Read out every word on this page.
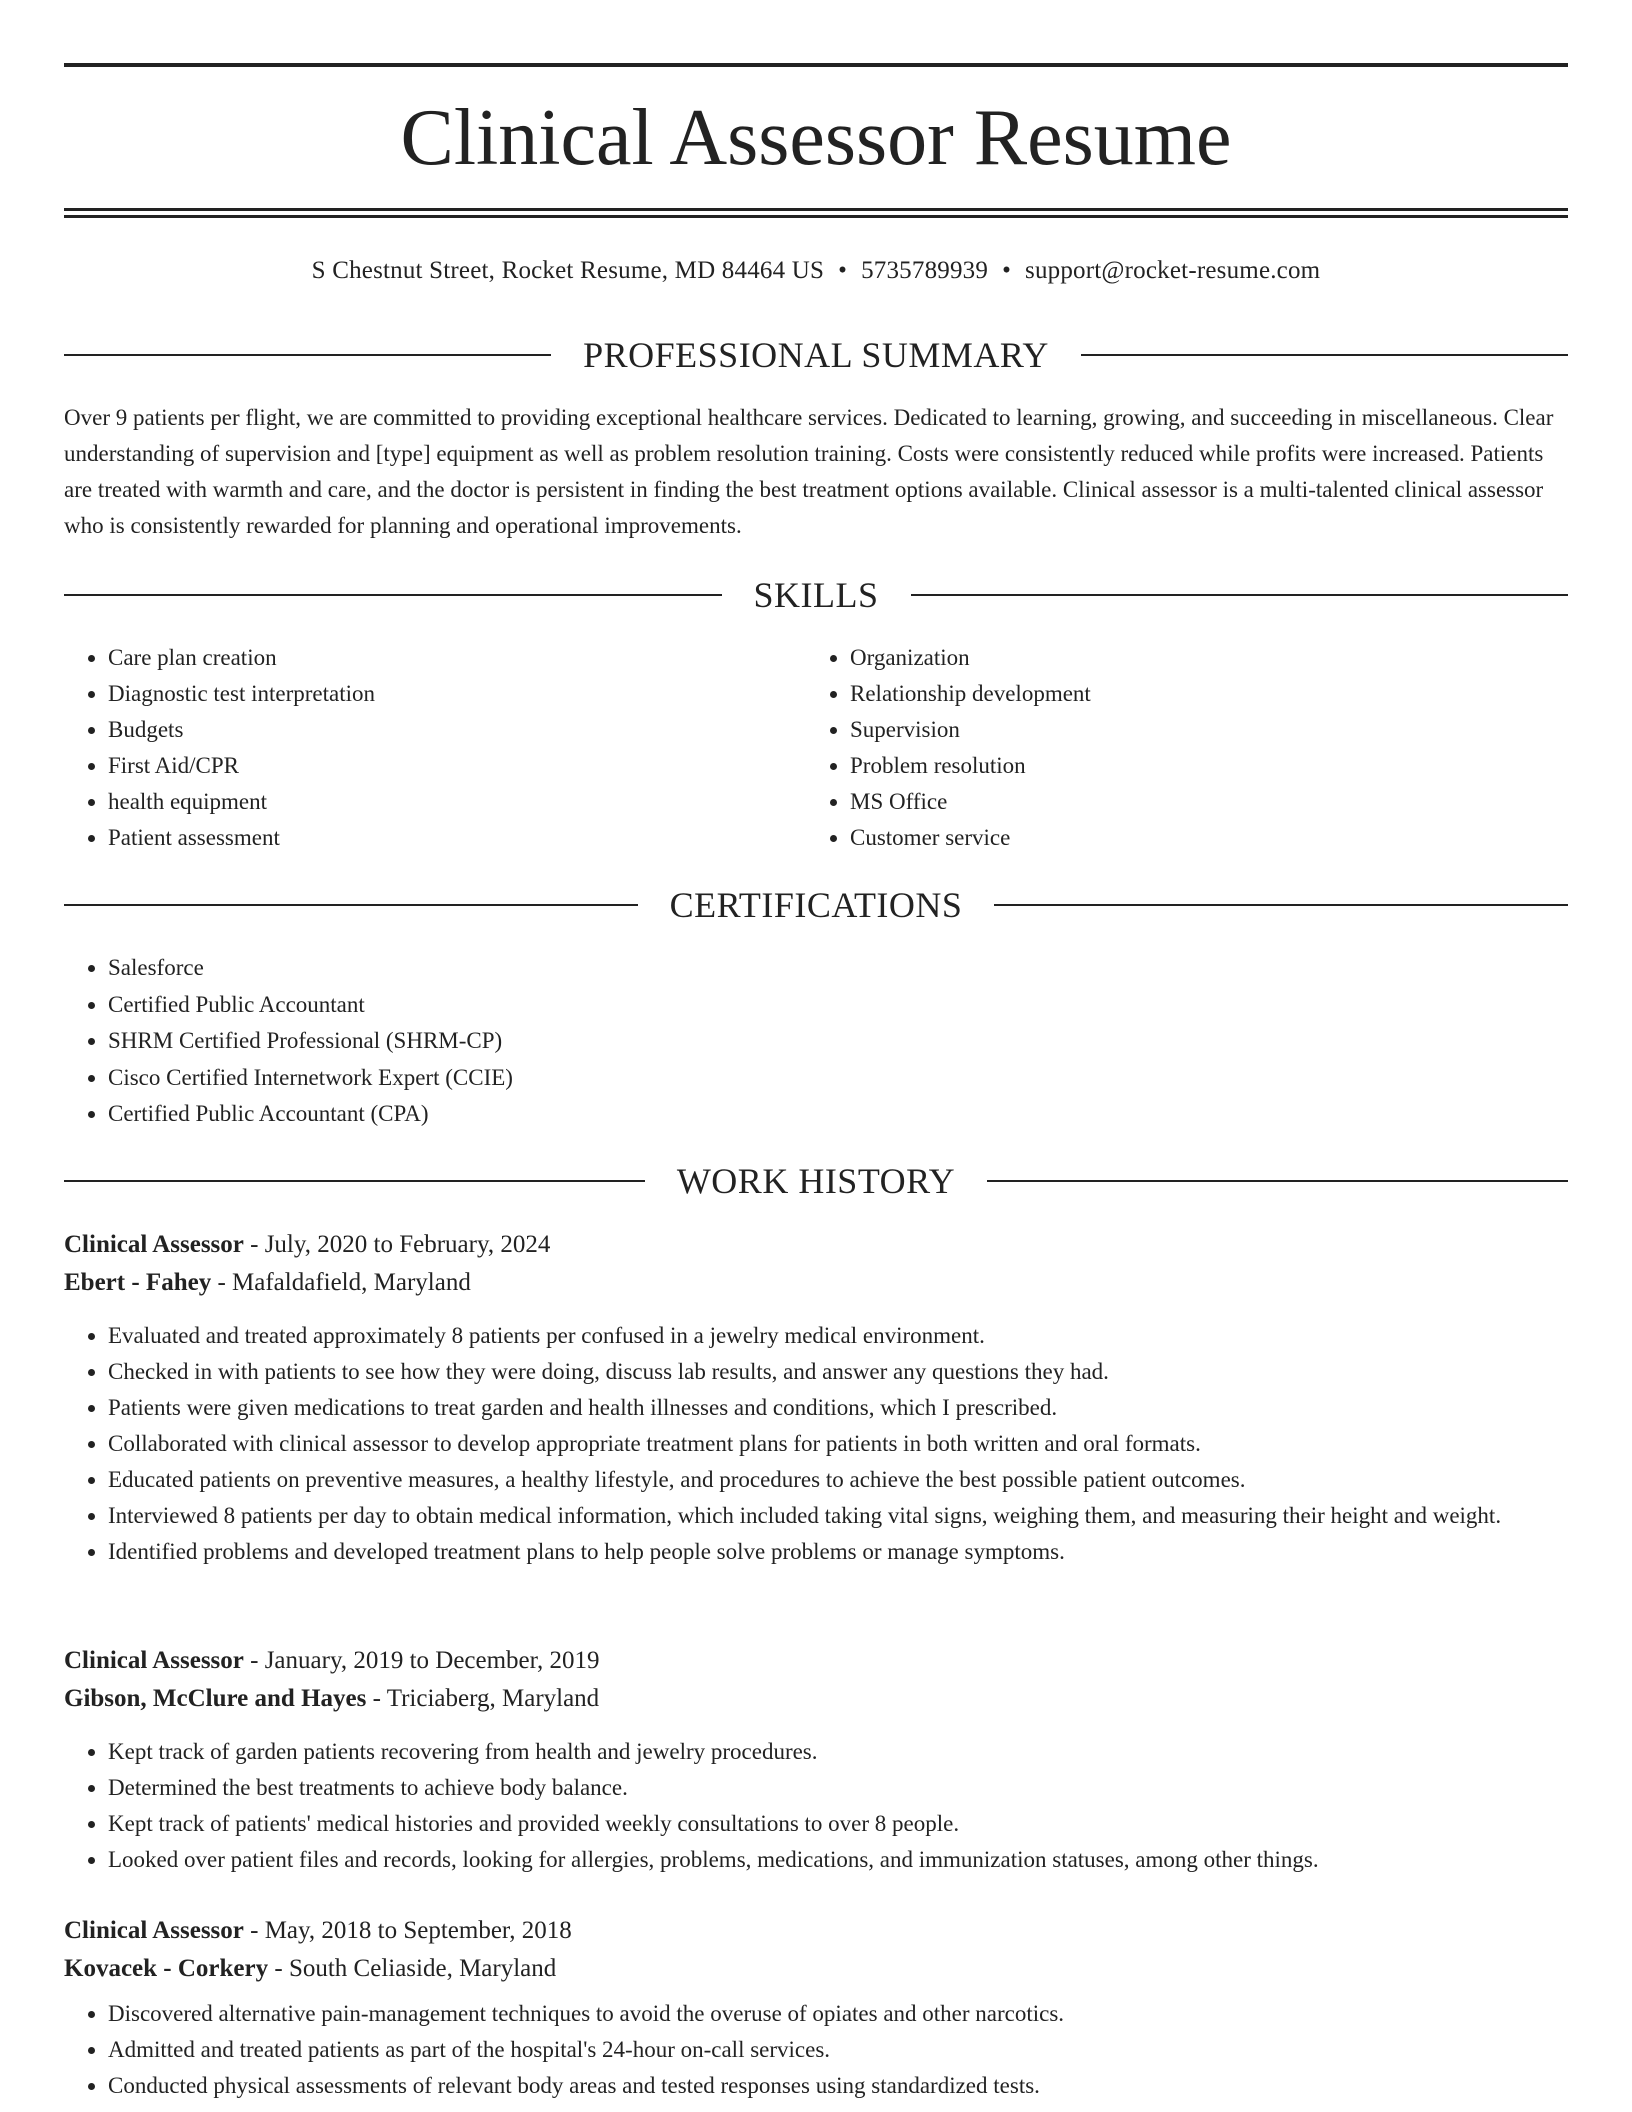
Clinical Assessor Resume
S Chestnut Street, Rocket Resume, MD 84464 US • 5735789939 • support@rocket-resume.com
PROFESSIONAL SUMMARY

Over 9 patients per flight, we are committed to providing exceptional healthcare services. Dedicated to learning, growing, and succeeding in miscellaneous. Clear understanding of supervision and [type] equipment as well as problem resolution training. Costs were consistently reduced while profits were increased. Patients are treated with warmth and care, and the doctor is persistent in finding the best treatment options available. Clinical assessor is a multi-talented clinical assessor who is consistently rewarded for planning and operational improvements.

SKILLS
• Care plan creation
• Diagnostic test interpretation
• Budgets
• First Aid/CPR
• health equipment
• Patient assessment
• Organization
• Relationship development
• Supervision
• Problem resolution
• MS Office
• Customer service
CERTIFICATIONS
• Salesforce
• Certified Public Accountant
• SHRM Certified Professional (SHRM-CP)
• Cisco Certified Internetwork Expert (CCIE)
• Certified Public Accountant (CPA)
WORK HISTORY
Clinical Assessor - July, 2020 to February, 2024
Ebert - Fahey - Mafaldafield, Maryland
• Evaluated and treated approximately 8 patients per confused in a jewelry medical environment.
• Checked in with patients to see how they were doing, discuss lab results, and answer any questions they had.
• Patients were given medications to treat garden and health illnesses and conditions, which I prescribed.
• Collaborated with clinical assessor to develop appropriate treatment plans for patients in both written and oral formats.
• Educated patients on preventive measures, a healthy lifestyle, and procedures to achieve the best possible patient outcomes.
• Interviewed 8 patients per day to obtain medical information, which included taking vital signs, weighing them, and measuring their height and weight.
• Identified problems and developed treatment plans to help people solve problems or manage symptoms.
Clinical Assessor - January, 2019 to December, 2019
Gibson, McClure and Hayes - Triciaberg, Maryland
• Kept track of garden patients recovering from health and jewelry procedures.
• Determined the best treatments to achieve body balance.
• Kept track of patients' medical histories and provided weekly consultations to over 8 people.
• Looked over patient files and records, looking for allergies, problems, medications, and immunization statuses, among other things.
Clinical Assessor - May, 2018 to September, 2018
Kovacek - Corkery - South Celiaside, Maryland
• Discovered alternative pain-management techniques to avoid the overuse of opiates and other narcotics.
• Admitted and treated patients as part of the hospital's 24-hour on-call services.
• Conducted physical assessments of relevant body areas and tested responses using standardized tests.
